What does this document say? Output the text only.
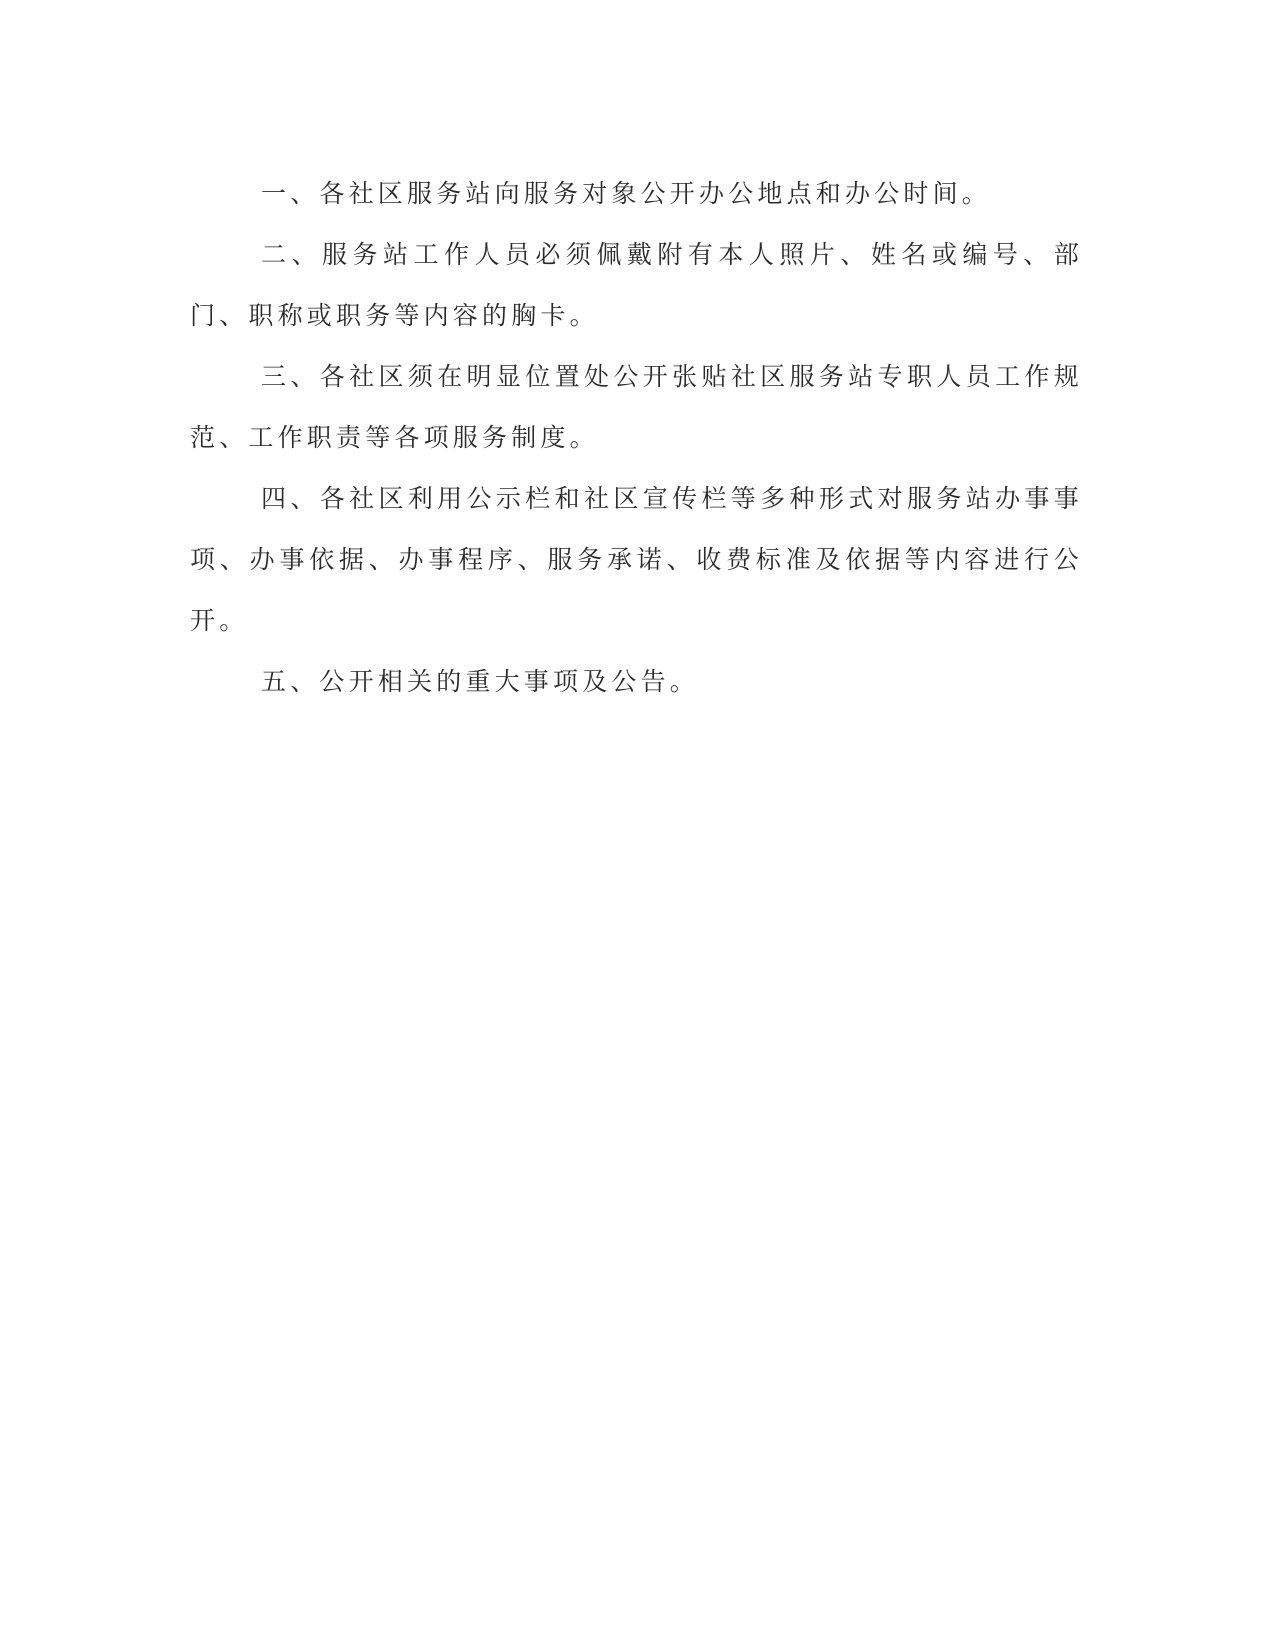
一、各社区服务站向服务对象公开办公地点和办公时间。

二、服务站工作人员必须佩戴附有本人照片、姓名或编号、部门、职称或职务等内容的胸卡。

三、各社区须在明显位置处公开张贴社区服务站专职人员工作规范、工作职责等各项服务制度。

四、各社区利用公示栏和社区宣传栏等多种形式对服务站办事事项、办事依据、办事程序、服务承诺、收费标准及依据等内容进行公开。

五、公开相关的重大事项及公告。
